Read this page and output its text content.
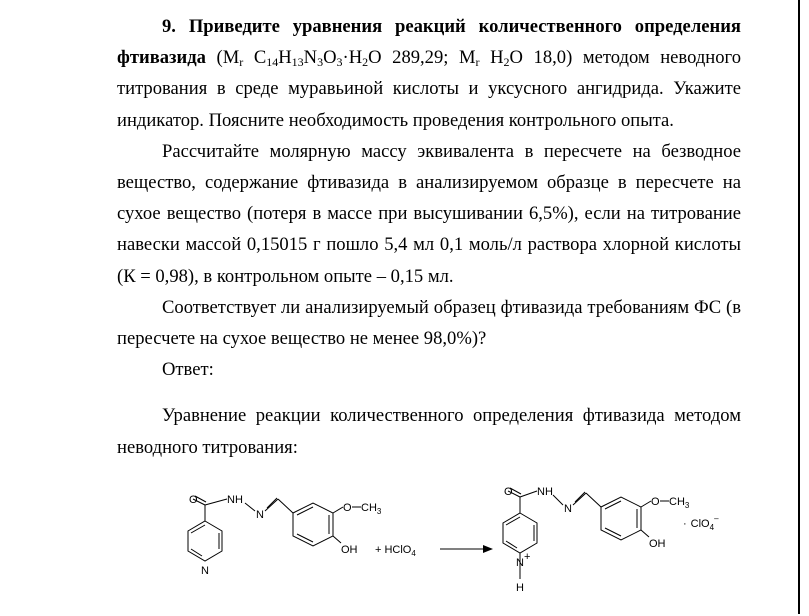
9. Приведите уравнения реакций количественного определения
фтивазида ($M_r$ $C_{14}H_{13}N_3O_3\cdot H_2O$ 289,29; $M_r$ $H_2O$ 18,0) методом неводного
титрования в среде муравьиной кислоты и уксусного ангидрида. Укажите
индикатор. Поясните необходимость проведения контрольного опыта.
Рассчитайте молярную массу эквивалента в пересчете на безводное
вещество, содержание фтивазида в анализируемом образце в пересчете на
сухое вещество (потеря в массе при высушивании 6,5%), если на титрование
навески массой 0,15015 г пошло 5,4 мл 0,1 моль/л раствора хлорной кислоты
(К = 0,98), в контрольном опыте – 0,15 мл.
Соответствует ли анализируемый образец фтивазида требованиям ФС (в
пересчете на сухое вещество не менее 98,0%)?
Ответ:
Уравнение реакции количественного определения фтивазида методом
неводного титрования:
O	NH
N
N
O $CH_3$
OH + HClO$_4$
O NH
N
N +
H
O $CH_3$
OH
· ClO$_4$–
